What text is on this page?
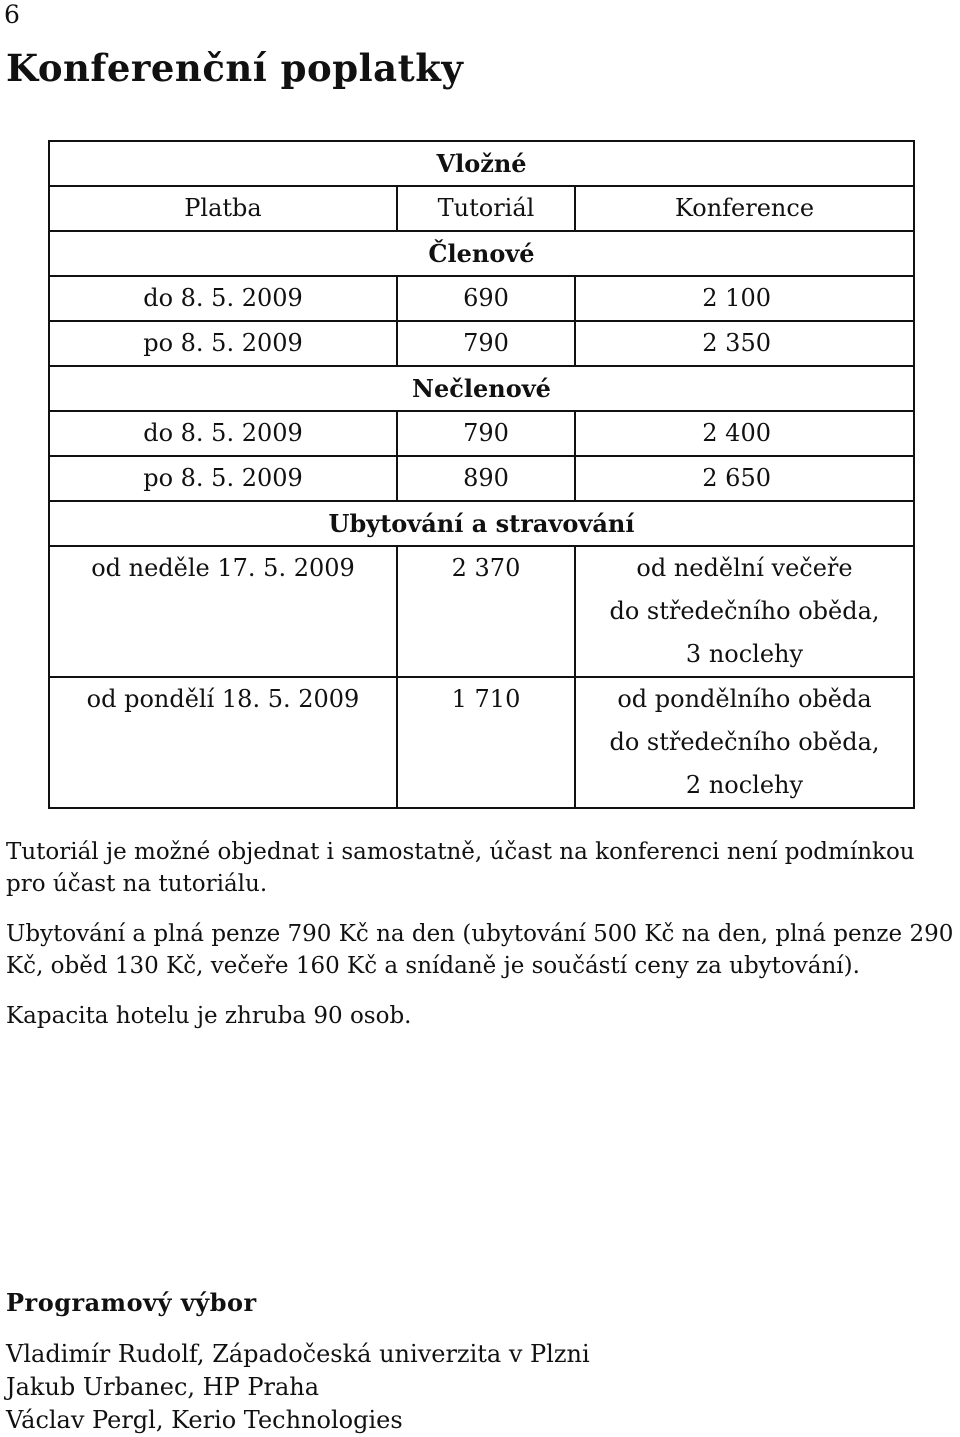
6
Konferenční poplatky
Vložné		
Platba	Tutoriál	Konference
Členové		
do 8. 5. 2009	690	2 100
po 8. 5. 2009	790	2 350
Nečlenové		
do 8. 5. 2009	790	2 400
po 8. 5. 2009	890	2 650
Ubytování a stravování		
od neděle 17. 5. 2009	2 370	od nedělní večeře
		do středečního oběda,
		3 noclehy
od pondělí 18. 5. 2009	1 710	od pondělního oběda
		do středečního oběda,
		2 noclehy

Tutoriál je možné objednat i samostatně, účast na konferenci není podmínkou pro účast na tutoriálu.

Ubytování a plná penze 790 Kč na den (ubytování 500 Kč na den, plná penze 290 Kč, oběd 130 Kč, večeře 160 Kč a snídaně je součástí ceny za ubytování).

Kapacita hotelu je zhruba 90 osob.

Programový výbor

Vladimír Rudolf, Západočeská univerzita v Plzni

Jakub Urbanec, HP Praha

Václav Pergl, Kerio Technologies
